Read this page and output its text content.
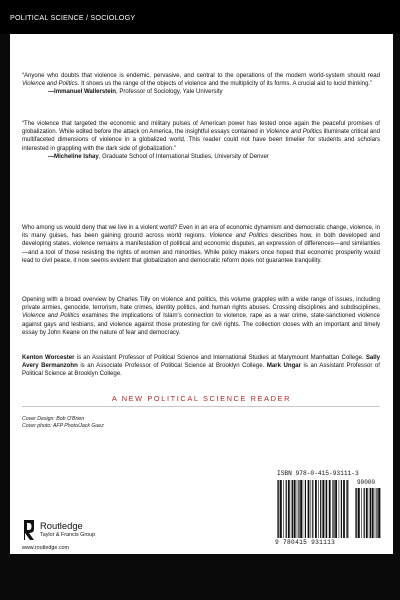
POLITICAL SCIENCE / SOCIOLOGY

“Anyone who doubts that violence is endemic, pervasive, and central to the operations of the modern world-system should read Violence and Politics. It shows us the range of the objects of violence and the multiplicity of its forms. A crucial aid to lucid thinking.”
—Immanuel Wallerstein, Professor of Sociology, Yale University

“The violence that targeted the economic and military pulses of American power has tested once again the peaceful promises of globalization. While edited before the attack on America, the insightful essays contained in Violence and Politics illuminate critical and multifaceted dimensions of violence in a globalized world. This reader could not have been timelier for students and scholars interested in grappling with the dark side of globalization.”
—Micheline Ishay, Graduate School of International Studies, University of Denver

Who among us would deny that we live in a violent world? Even in an era of economic dynamism and democratic change, violence, in its many guises, has been gaining ground across world regions. Violence and Politics describes how, in both developed and developing states, violence remains a manifestation of political and economic disputes, an expression of differences—and similarities—and a tool of those resisting the rights of women and minorities. While policy makers once hoped that economic prosperity would lead to civil peace, it now seems evident that globalization and democratic reform does not guarantee tranquility.

Opening with a broad overview by Charles Tilly on violence and politics, this volume grapples with a wide range of issues, including private armies, genocide, terrorism, hate crimes, identity politics, and human rights abuses. Crossing disciplines and subdisciplines, Violence and Politics examines the implications of Islam's connection to violence, rape as a war crime, state-sanctioned violence against gays and lesbians, and violence against those protesting for civil rights. The collection closes with an important and timely essay by John Keane on the nature of fear and democracy.

Kenton Worcester is an Assistant Professor of Political Science and International Studies at Marymount Manhattan College. Sally Avery Bermanzohn is an Associate Professor of Political Science at Brooklyn College. Mark Ungar is an Assistant Professor of Political Science at Brooklyn College.

A NEW POLITICAL SCIENCE READER
Cover Design: Bob O'Brien
Cover photo: AFP Photo/Jack Guez
Routledge
Taylor & Francis Group
www.routledge.com
ISBN 978-0-415-93111-3
90000
9 780415 931113
